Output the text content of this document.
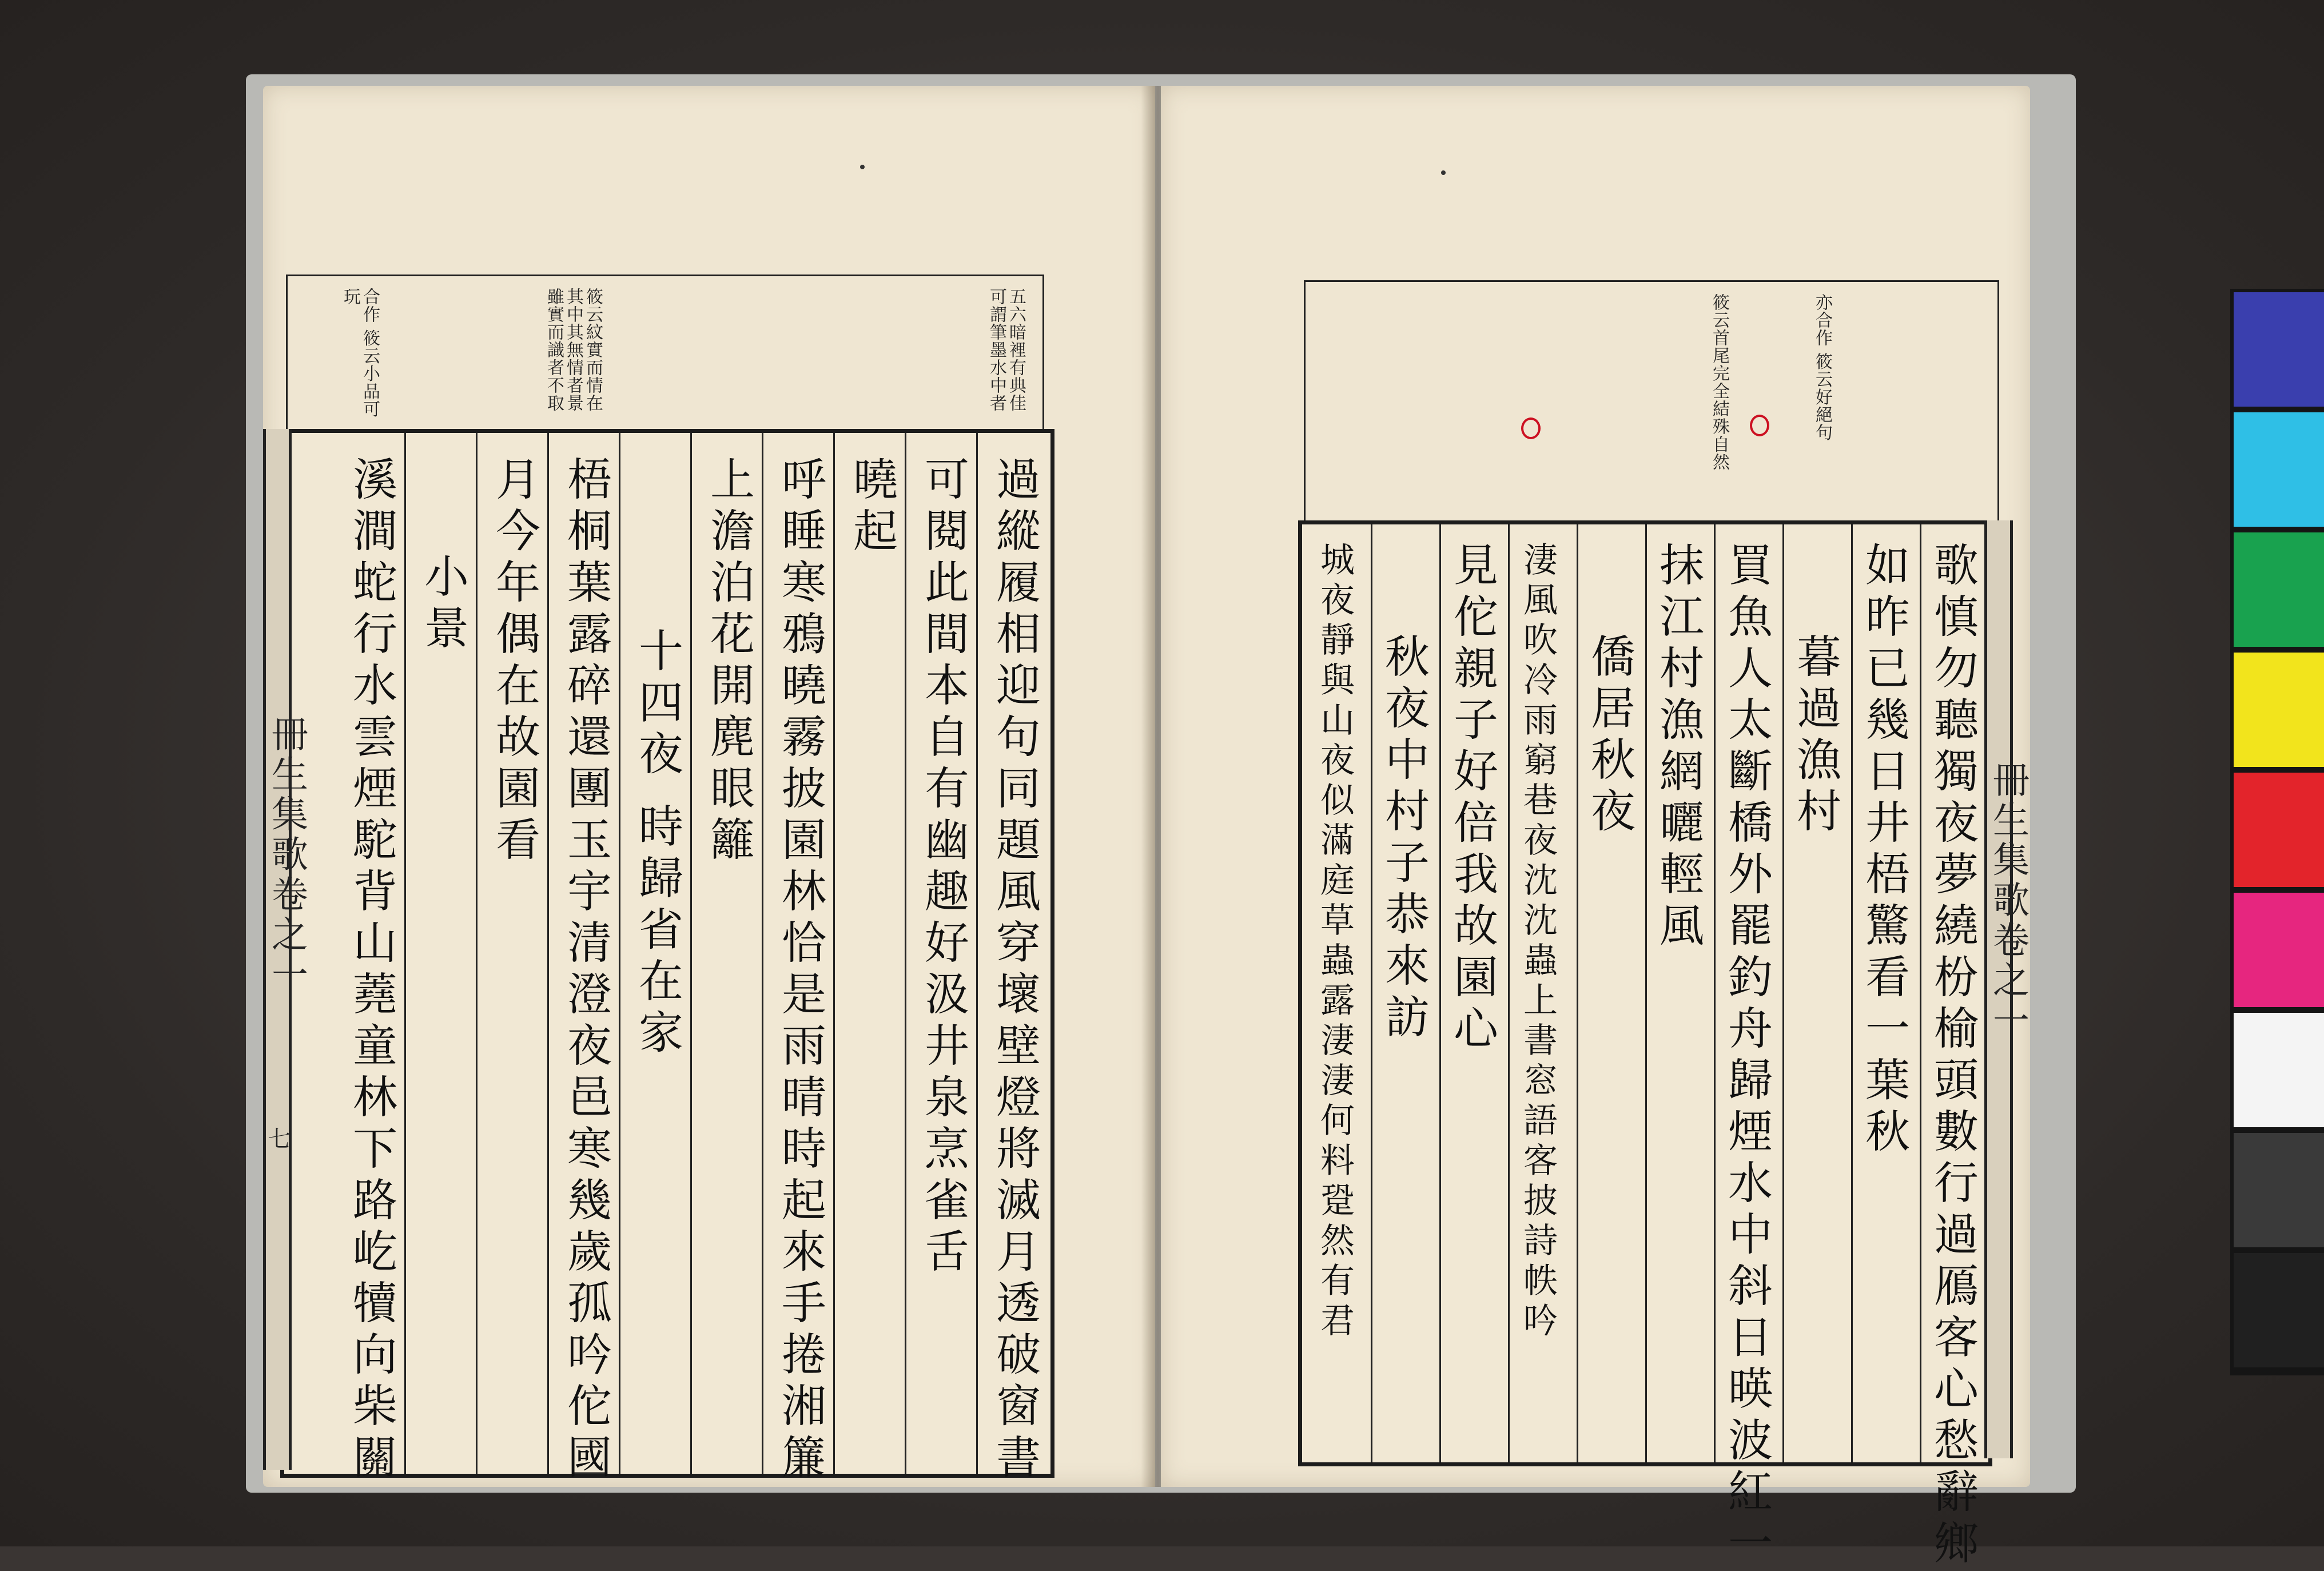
五六暗裡有典佳可謂筆墨水中者
筱云紋實而情在其中其無情者景雖實而識者不取
合作 筱云小品可玩
過縱履相迎句同題風穿壞壁燈將滅月透破窗書
可閱此間本自有幽趣好汲井泉烹雀舌
曉起
呼睡寒鴉曉霧披園林恰是雨晴時起來手捲湘簾
上澹泊花開麂眼籬
十四夜 時歸省在家
梧桐葉露碎還團玉宇清澄夜邑寒幾歲孤吟佗國
月今年偶在故園看
小景
溪澗蛇行水雲煙駝背山蕘童林下路屹犢向柴關
冊生集歌卷之一
七
亦合作 筱云好絕句
筱云首尾完全結殊自然
歌慎勿聽獨夜夢繞枌榆頭數行過鴈客心愁辭鄉
如昨已幾日井梧驚看一葉秋
暮過漁村
買魚人太斷橋外罷釣舟歸煙水中斜日暎波紅一
抹江村漁網曬輕風
僑居秋夜
淒風吹冷雨窮巷夜沈沈蟲上書窓語客披詩帙吟
見佗親子好倍我故園心
秋夜中村子恭來訪
城夜靜與山夜似滿庭草蟲露淒淒何料跫然有君	冊生集歌卷之一
